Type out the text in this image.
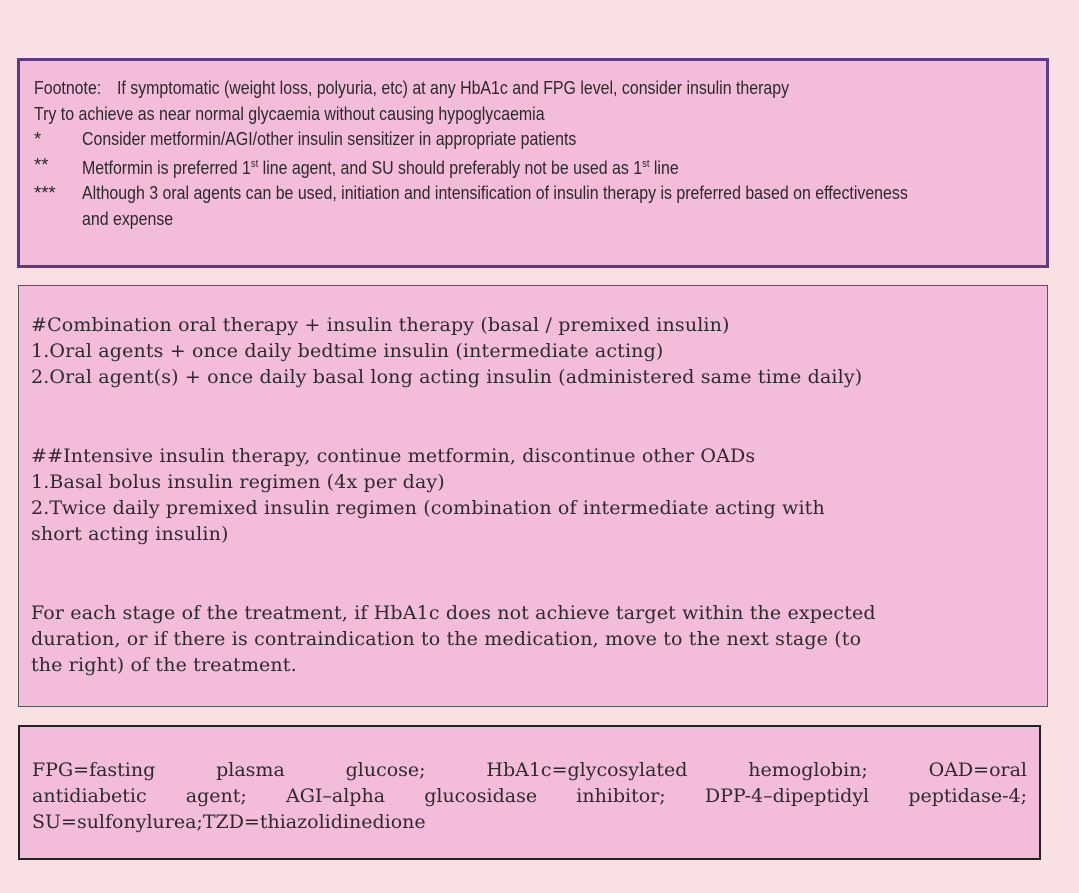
Footnote: If symptomatic (weight loss, polyuria, etc) at any HbA1c and FPG level, consider insulin therapy Try to achieve as near normal glycaemia without causing hypoglycaemia
*	Consider metformin/AGI/other insulin sensitizer in appropriate patients
**	Metformin is preferred 1st line agent, and SU should preferably not be used as 1st line
***	Although 3 oral agents can be used, initiation and intensification of insulin therapy is preferred based on effectiveness
and expense
#Combination oral therapy + insulin therapy (basal / premixed insulin)
1.Oral agents + once daily bedtime insulin (intermediate acting)
2.Oral agent(s) + once daily basal long acting insulin (administered same time daily)
##Intensive insulin therapy, continue metformin, discontinue other OADs
1.Basal bolus insulin regimen (4x per day)
2.Twice daily premixed insulin regimen (combination of intermediate acting with
short acting insulin)
For each stage of the treatment, if HbA1c does not achieve target within the expected
duration, or if there is contraindication to the medication, move to the next stage (to
the right) of the treatment.
FPG=fasting plasma glucose; HbA1c=glycosylated hemoglobin; OAD=oral
antidiabetic agent; AGI–alpha glucosidase inhibitor; DPP-4–dipeptidyl peptidase-4;
SU=sulfonylurea;TZD=thiazolidinedione
